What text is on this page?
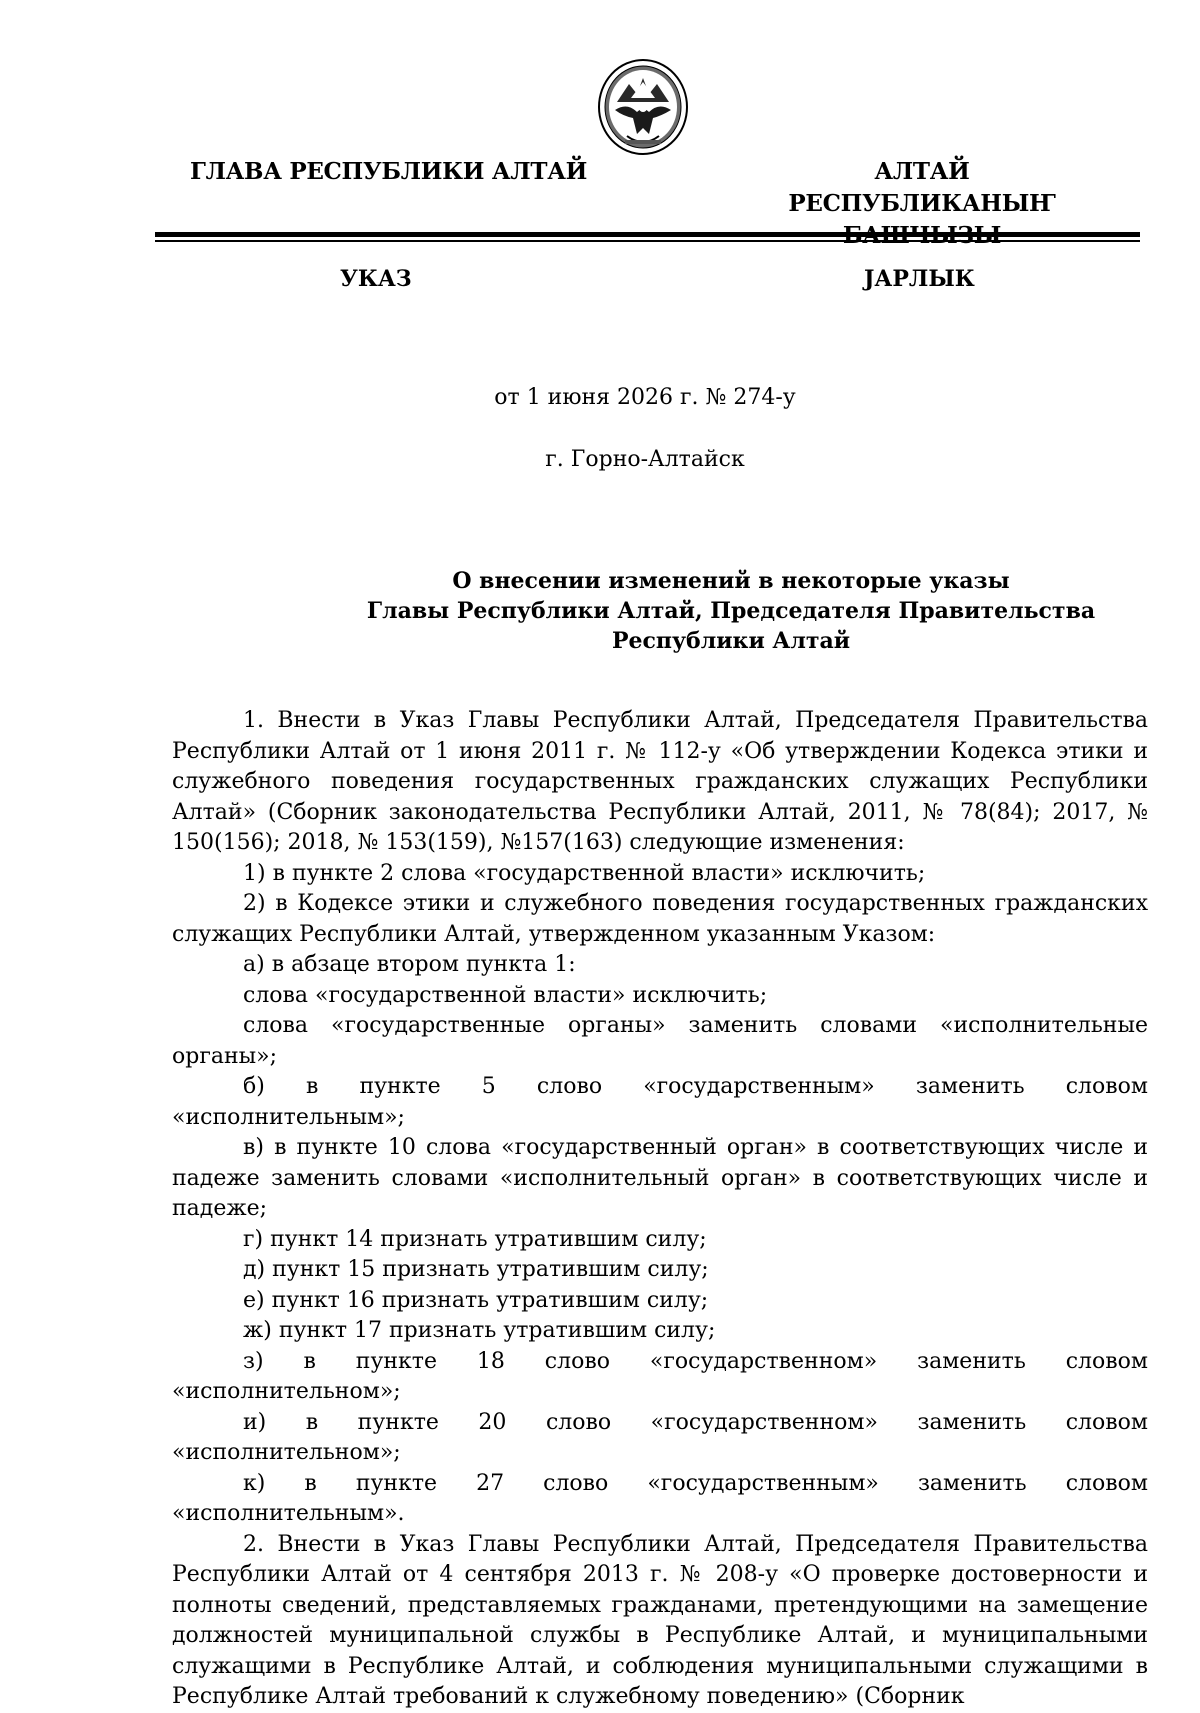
ГЛАВА РЕСПУБЛИКИ АЛТАЙ	АЛТАЙ РЕСПУБЛИКАНЫҤ
УКАЗ	ЈАРЛЫК
от 1 июня 2026 г. № 274-у
г. Горно-Алтайск
О внесении изменений в некоторые указы
Главы Республики Алтай, Председателя Правительства
Республики Алтай

1. Внести в Указ Главы Республики Алтай, Председателя Правительства Республики Алтай от 1 июня 2011 г. № 112-у «Об утверждении Кодекса этики и служебного поведения государственных гражданских служащих Республики Алтай» (Сборник законодательства Республики Алтай, 2011, № 78(84); 2017, № 150(156); 2018, № 153(159), №157(163) следующие изменения:

1) в пункте 2 слова «государственной власти» исключить;

2) в Кодексе этики и служебного поведения государственных гражданских служащих Республики Алтай, утвержденном указанным Указом:

а) в абзаце втором пункта 1:

слова «государственной власти» исключить;

слова «государственные органы» заменить словами «исполнительные органы»;

б) в пункте 5 слово «государственным» заменить словом «исполнительным»;

в) в пункте 10 слова «государственный орган» в соответствующих числе и падеже заменить словами «исполнительный орган» в соответствующих числе и падеже;

г) пункт 14 признать утратившим силу;

д) пункт 15 признать утратившим силу;

е) пункт 16 признать утратившим силу;

ж) пункт 17 признать утратившим силу;

з) в пункте 18 слово «государственном» заменить словом «исполнительном»;

и) в пункте 20 слово «государственном» заменить словом «исполнительном»;

к) в пункте 27 слово «государственным» заменить словом «исполнительным».

2. Внести в Указ Главы Республики Алтай, Председателя Правительства Республики Алтай от 4 сентября 2013 г. № 208-у «О проверке достоверности и полноты сведений, представляемых гражданами, претендующими на замещение должностей муниципальной службы в Республике Алтай, и муниципальными служащими в Республике Алтай, и соблюдения муниципальными служащими в Республике Алтай требований к служебному поведению» (Сборник
